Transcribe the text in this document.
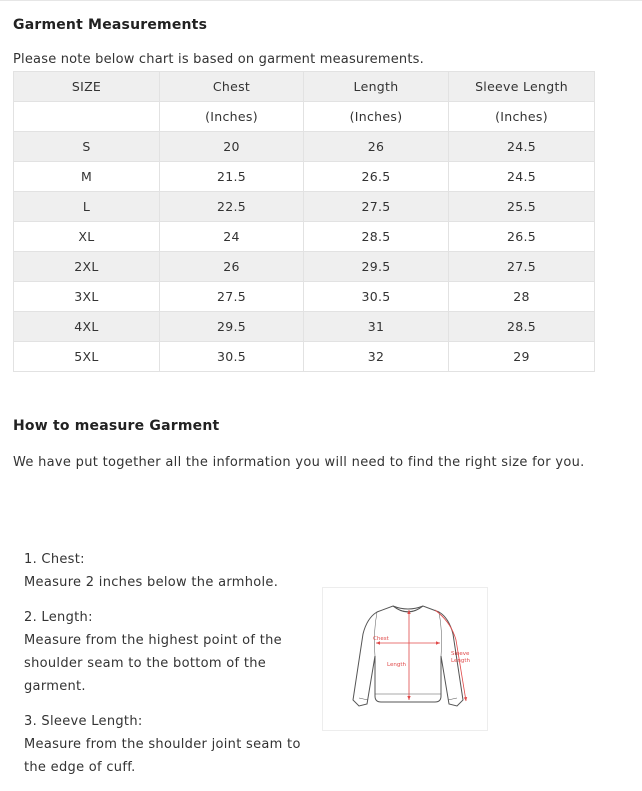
Garment Measurements

Please note below chart is based on garment measurements.

SIZE	Chest	Length	Sleeve Length
	(Inches)	(Inches)	(Inches)
S	20	26	24.5
M	21.5	26.5	24.5
L	22.5	27.5	25.5
XL	24	28.5	26.5
2XL	26	29.5	27.5
3XL	27.5	30.5	28
4XL	29.5	31	28.5
5XL	30.5	32	29
How to measure Garment

We have put together all the information you will need to find the right size for you.

1. Chest:

Measure 2 inches below the armhole.

2. Length:

Measure from the highest point of the shoulder seam to the bottom of the garment.

3. Sleeve Length:

Measure from the shoulder joint seam to the edge of cuff.

Chest
Length
Sleeve
Length
